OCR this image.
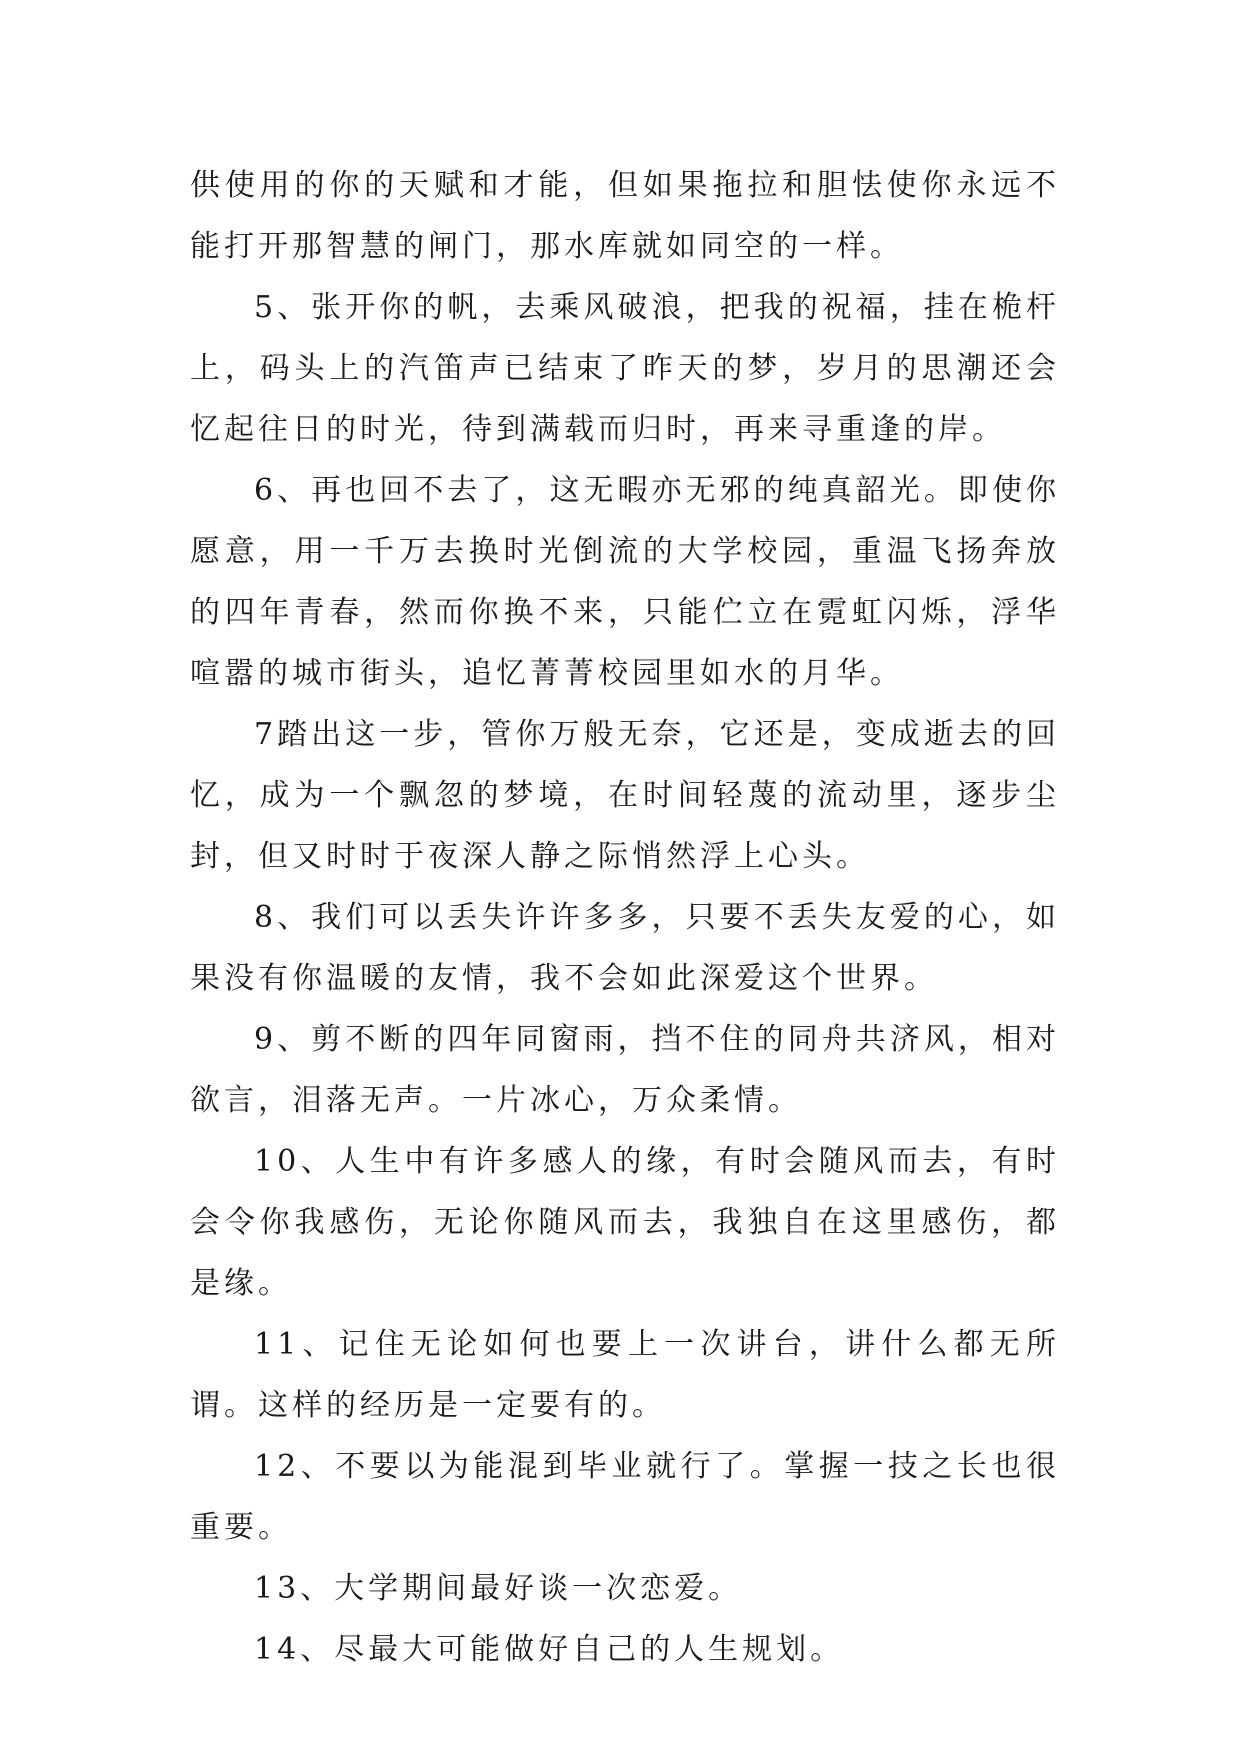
供使用的你的天赋和才能，但如果拖拉和胆怯使你永远不能打开那智慧的闸门，那水库就如同空的一样。

5、张开你的帆，去乘风破浪，把我的祝福，挂在桅杆上，码头上的汽笛声已结束了昨天的梦，岁月的思潮还会忆起往日的时光，待到满载而归时，再来寻重逢的岸。

6、再也回不去了，这无暇亦无邪的纯真韶光。即使你愿意，用一千万去换时光倒流的大学校园，重温飞扬奔放的四年青春，然而你换不来，只能伫立在霓虹闪烁，浮华喧嚣的城市街头，追忆菁菁校园里如水的月华。

7踏出这一步，管你万般无奈，它还是，变成逝去的回忆，成为一个飘忽的梦境，在时间轻蔑的流动里，逐步尘封，但又时时于夜深人静之际悄然浮上心头。

8、我们可以丢失许许多多，只要不丢失友爱的心，如果没有你温暖的友情，我不会如此深爱这个世界。

9、剪不断的四年同窗雨，挡不住的同舟共济风，相对欲言，泪落无声。一片冰心，万众柔情。

10、人生中有许多感人的缘，有时会随风而去，有时会令你我感伤，无论你随风而去，我独自在这里感伤，都是缘。

11、记住无论如何也要上一次讲台，讲什么都无所谓。这样的经历是一定要有的。

12、不要以为能混到毕业就行了。掌握一技之长也很重要。

13、大学期间最好谈一次恋爱。

14、尽最大可能做好自己的人生规划。
